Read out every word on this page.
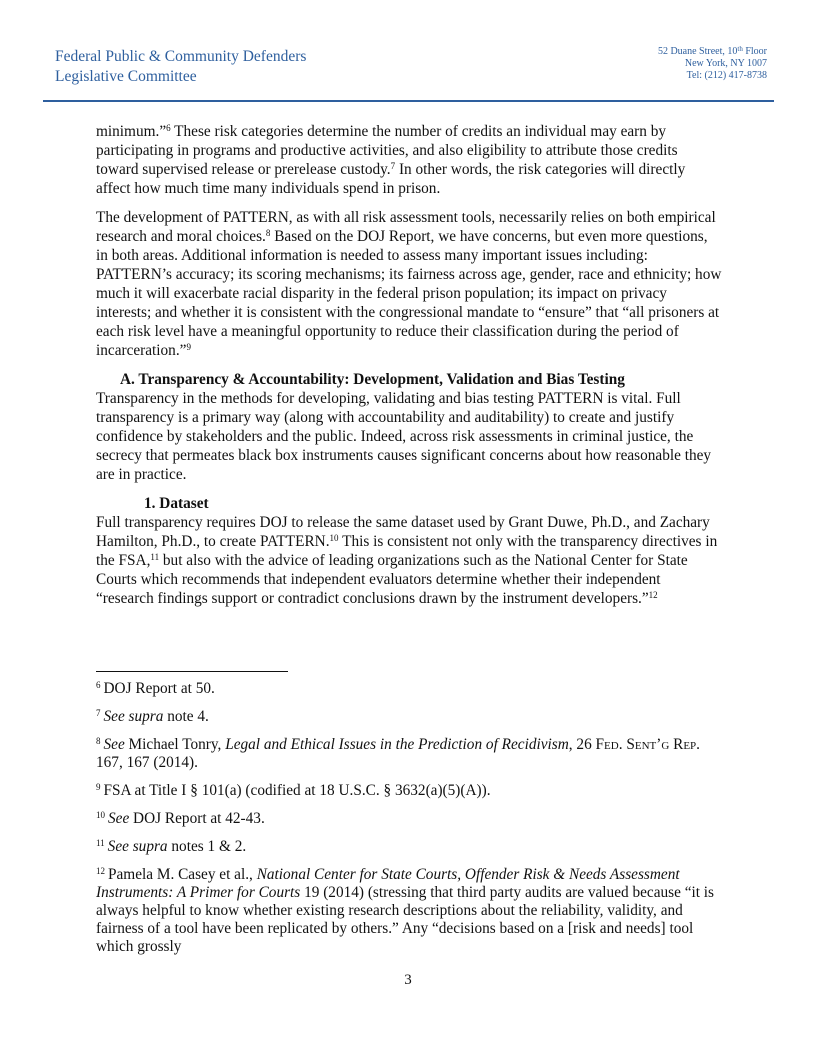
Federal Public & Community Defenders
Legislative Committee
52 Duane Street, 10th Floor
New York, NY 1007
Tel: (212) 417-8738

minimum.”$^6$ These risk categories determine the number of credits an individual may earn by participating in programs and productive activities, and also eligibility to attribute those credits toward supervised release or prerelease custody.$^7$ In other words, the risk categories will directly affect how much time many individuals spend in prison.

The development of PATTERN, as with all risk assessment tools, necessarily relies on both empirical research and moral choices.$^8$ Based on the DOJ Report, we have concerns, but even more questions, in both areas. Additional information is needed to assess many important issues including: PATTERN’s accuracy; its scoring mechanisms; its fairness across age, gender, race and ethnicity; how much it will exacerbate racial disparity in the federal prison population; its impact on privacy interests; and whether it is consistent with the congressional mandate to “ensure” that “all prisoners at each risk level have a meaningful opportunity to reduce their classification during the period of incarceration.”$^9$

A. Transparency & Accountability: Development, Validation and Bias Testing

Transparency in the methods for developing, validating and bias testing PATTERN is vital. Full transparency is a primary way (along with accountability and auditability) to create and justify confidence by stakeholders and the public. Indeed, across risk assessments in criminal justice, the secrecy that permeates black box instruments causes significant concerns about how reasonable they are in practice.

1. Dataset

Full transparency requires DOJ to release the same dataset used by Grant Duwe, Ph.D., and Zachary Hamilton, Ph.D., to create PATTERN.$^{10}$ This is consistent not only with the transparency directives in the FSA,$^{11}$ but also with the advice of leading organizations such as the National Center for State Courts which recommends that independent evaluators determine whether their independent “research findings support or contradict conclusions drawn by the instrument developers.”$^{12}$

$^6$ DOJ Report at 50.
$^7$ See supra note 4.
$^8$ See Michael Tonry, Legal and Ethical Issues in the Prediction of Recidivism, 26 Fed. Sent’g Rep. 167, 167 (2014).
$^9$ FSA at Title I § 101(a) (codified at 18 U.S.C. § 3632(a)(5)(A)).
$^{10}$ See DOJ Report at 42-43.
$^{11}$ See supra notes 1 & 2.
$^{12}$ Pamela M. Casey et al., National Center for State Courts, Offender Risk & Needs Assessment Instruments: A Primer for Courts 19 (2014) (stressing that third party audits are valued because “it is always helpful to know whether existing research descriptions about the reliability, validity, and fairness of a tool have been replicated by others.” Any “decisions based on a [risk and needs] tool which grossly
3
